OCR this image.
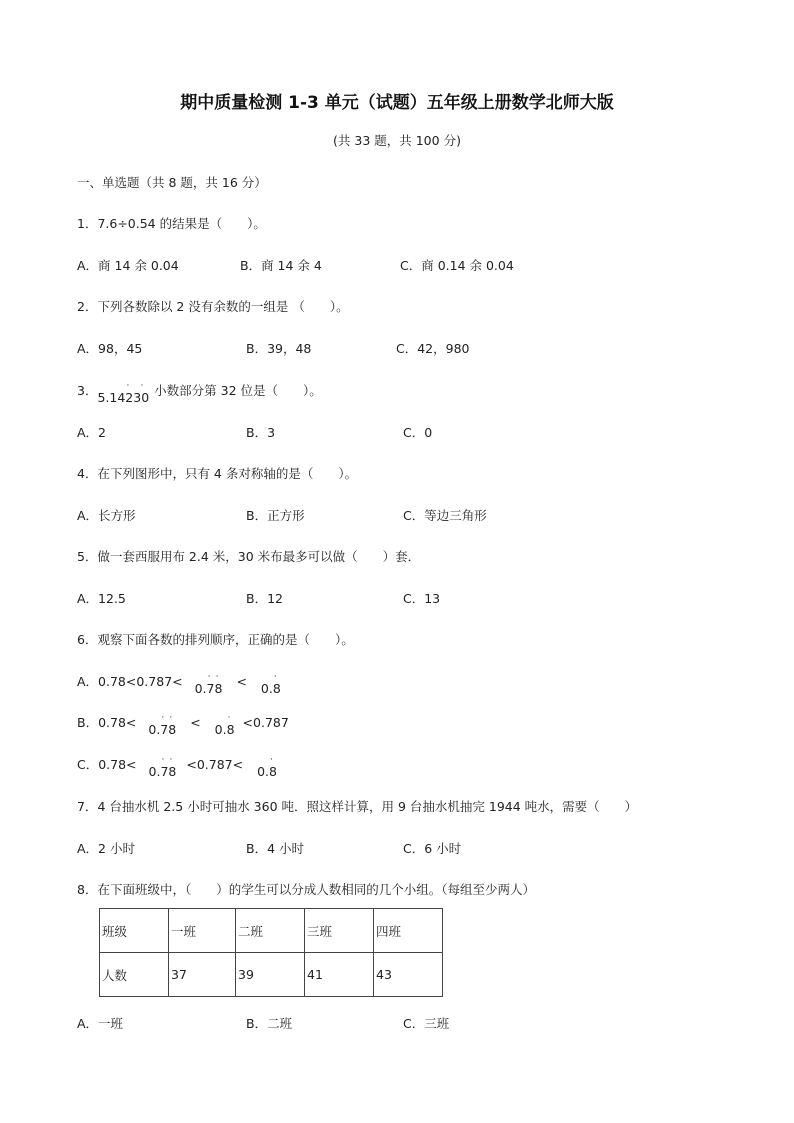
期中质量检测 1-3 单元（试题）五年级上册数学北师大版
(共 33 题，共 100 分)
一、单选题（共 8 题，共 16 分）
1．7.6÷0.54 的结果是（　　）。
A．商 14 余 0.04	B．商 14 余 4	C．商 0.14 余 0.04
2．下列各数除以 2 没有余数的一组是 （　　）。
A．98，45	B．39，48	C．42，980
3．5.14230
· · 小数部分第 32 位是（　　）。
A．2	B．3	C．0
4．在下列图形中，只有 4 条对称轴的是（　　）。
A．长方形	B．正方形	C．等边三角形
5．做一套西服用布 2.4 米，30 米布最多可以做（　　）套．
A．12.5	B．12	C．13
6．观察下面各数的排列顺序，正确的是（　　）。
A．0.78<0.787< 0.78
· · < 0.8
·
B．0.78< 0.78
· · < 0.8
· <0.787
C．0.78< 0.78
· · <0.787< 0.8
·
7．4 台抽水机 2.5 小时可抽水 360 吨．照这样计算，用 9 台抽水机抽完 1944 吨水，需要（　　）
A．2 小时	B．4 小时	C．6 小时
8．在下面班级中，（　　）的学生可以分成人数相同的几个小组。（每组至少两人）
班级	一班	二班	三班	四班
人数	37	39	41	43
A．一班	B．二班	C．三班
